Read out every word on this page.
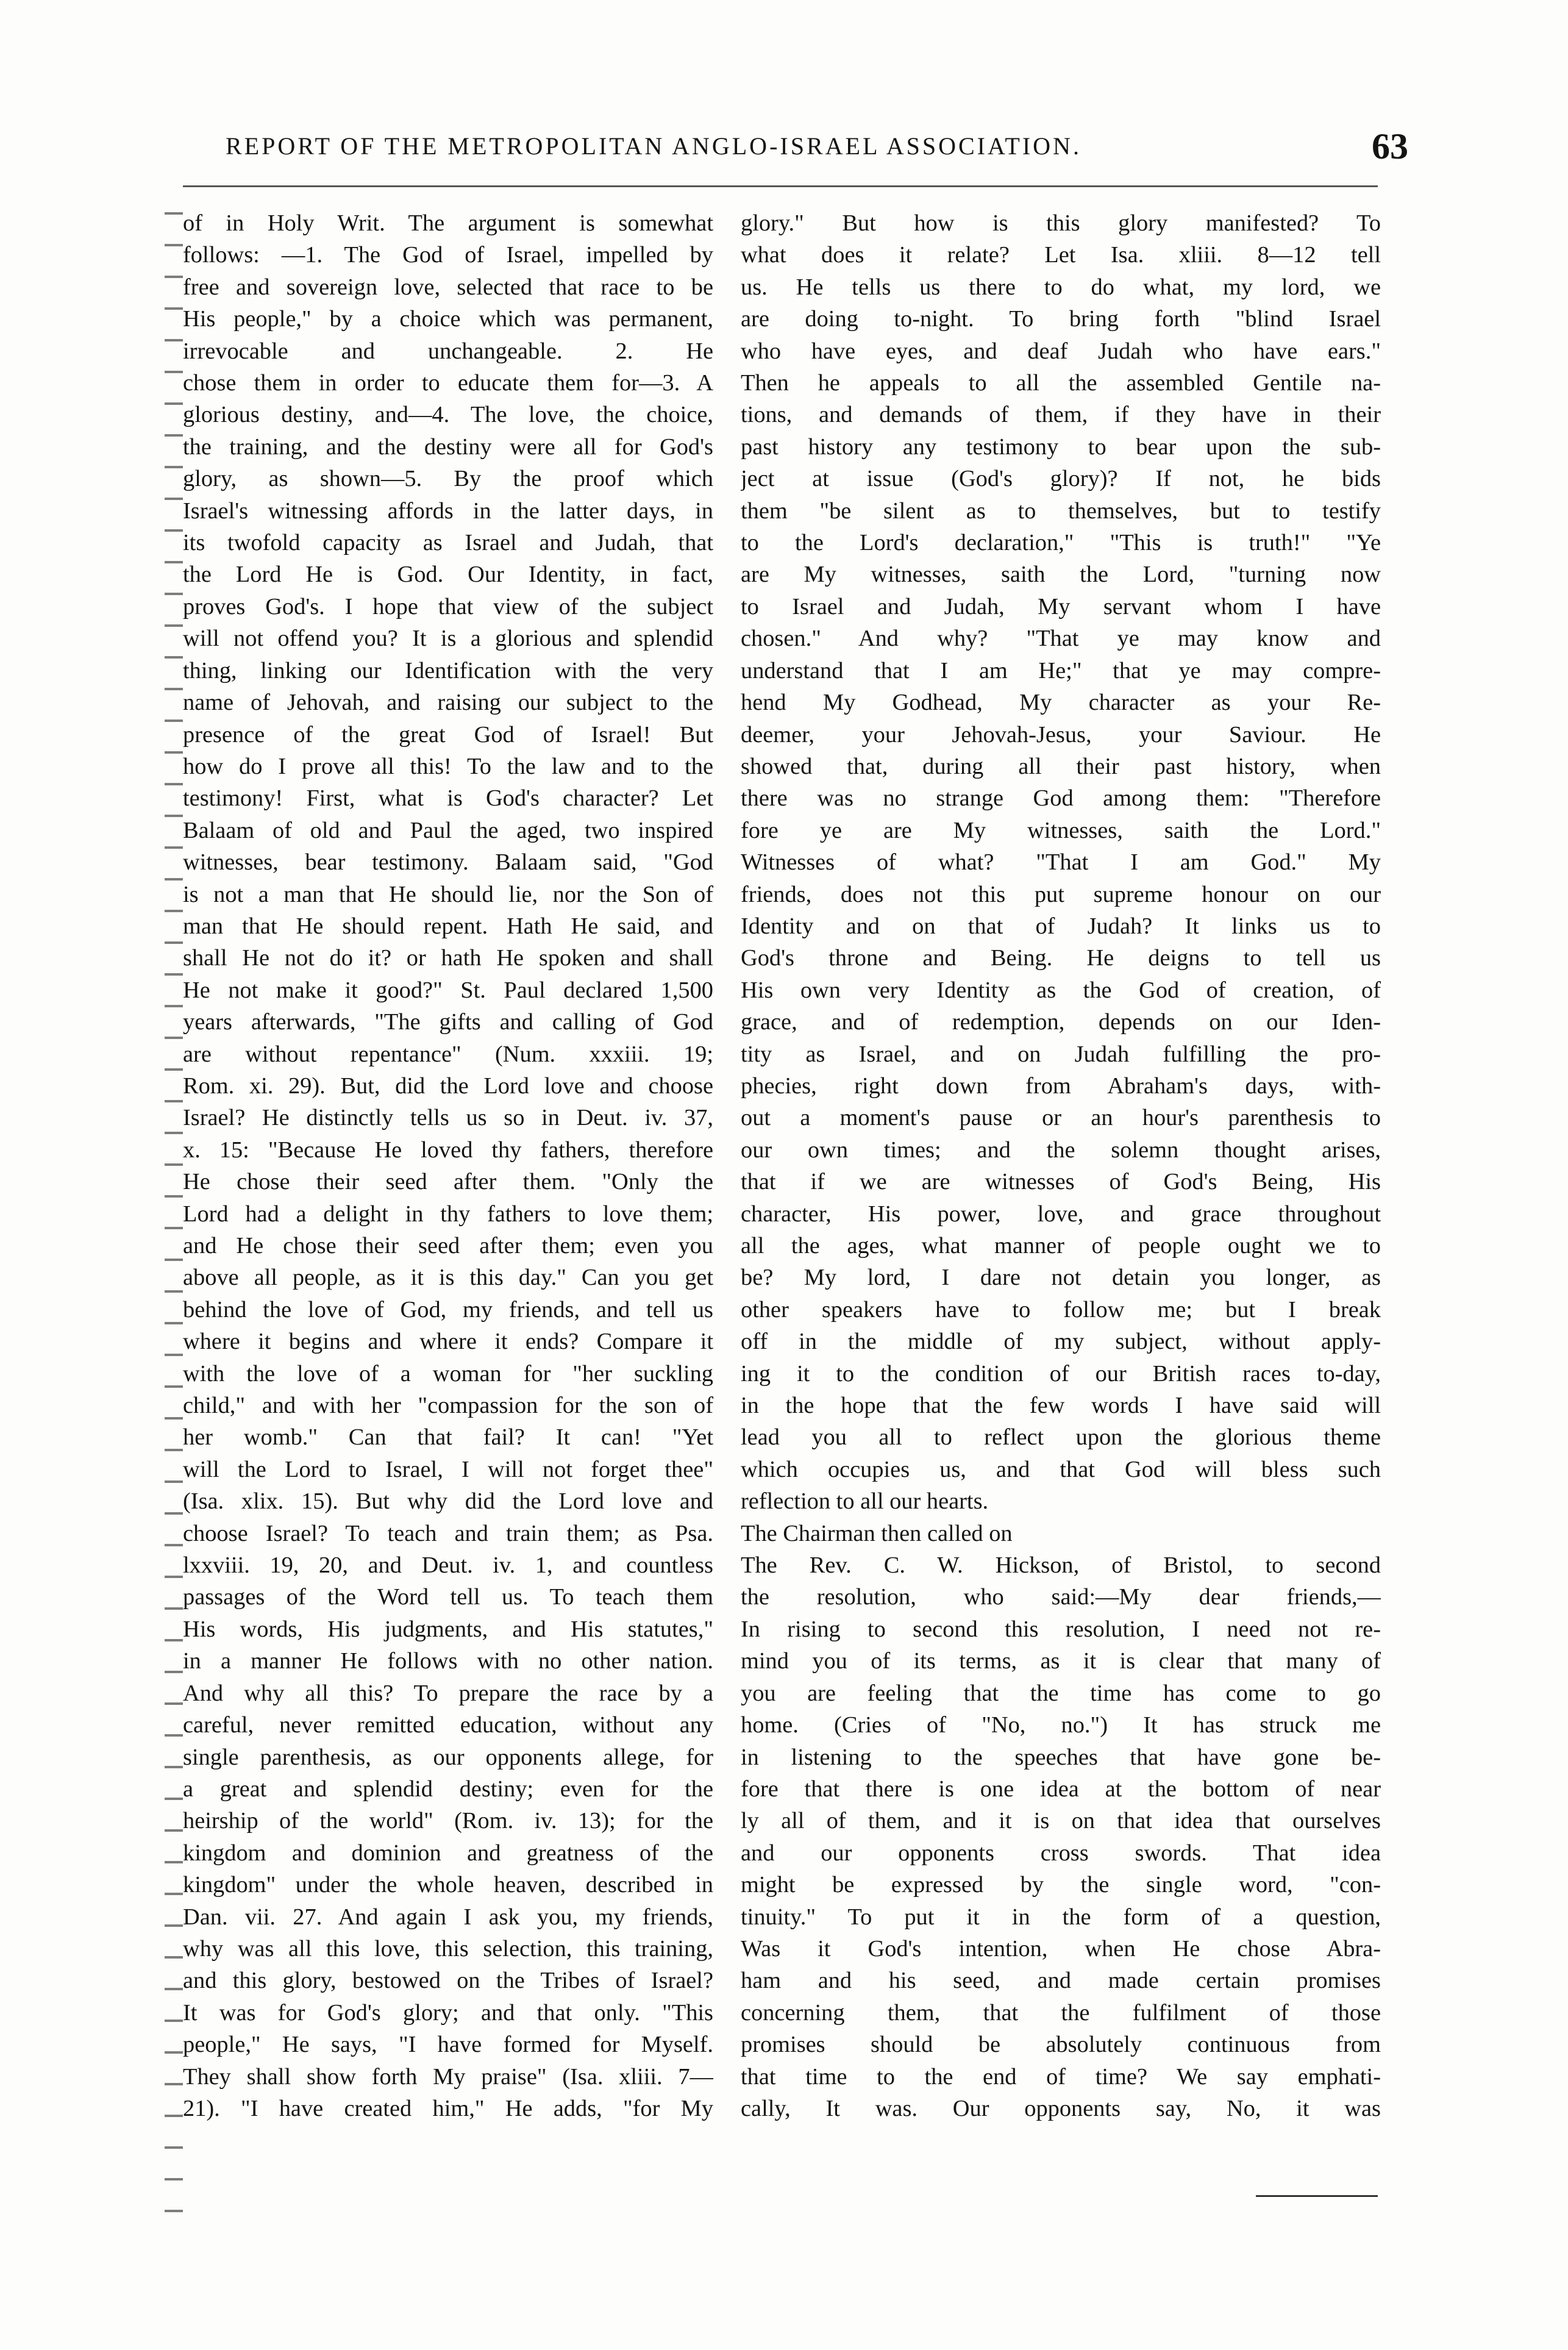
REPORT OF THE METROPOLITAN ANGLO-ISRAEL ASSOCIATION.	63

of in Holy Writ. The argument is somewhat

follows: —1. The God of Israel, impelled by

free and sovereign love, selected that race to be

His people," by a choice which was permanent,

irrevocable and unchangeable. 2. He

chose them in order to educate them for—3. A

glorious destiny, and—4. The love, the choice,

the training, and the destiny were all for God's

glory, as shown—5. By the proof which

Israel's witnessing affords in the latter days, in

its twofold capacity as Israel and Judah, that

the Lord He is God. Our Identity, in fact,

proves God's. I hope that view of the subject

will not offend you? It is a glorious and splendid

thing, linking our Identification with the very

name of Jehovah, and raising our subject to the

presence of the great God of Israel! But

how do I prove all this! To the law and to the

testimony! First, what is God's character? Let

Balaam of old and Paul the aged, two inspired

witnesses, bear testimony. Balaam said, "God

is not a man that He should lie, nor the Son of

man that He should repent. Hath He said, and

shall He not do it? or hath He spoken and shall

He not make it good?" St. Paul declared 1,500

years afterwards, "The gifts and calling of God

are without repentance" (Num. xxxiii. 19;

Rom. xi. 29). But, did the Lord love and choose

Israel? He distinctly tells us so in Deut. iv. 37,

x. 15: "Because He loved thy fathers, therefore

He chose their seed after them. "Only the

Lord had a delight in thy fathers to love them;

and He chose their seed after them; even you

above all people, as it is this day." Can you get

behind the love of God, my friends, and tell us

where it begins and where it ends? Compare it

with the love of a woman for "her suckling

child," and with her "compassion for the son of

her womb." Can that fail? It can! "Yet

will the Lord to Israel, I will not forget thee"

(Isa. xlix. 15). But why did the Lord love and

choose Israel? To teach and train them; as Psa.

lxxviii. 19, 20, and Deut. iv. 1, and countless

passages of the Word tell us. To teach them

His words, His judgments, and His statutes,"

in a manner He follows with no other nation.

And why all this? To prepare the race by a

careful, never remitted education, without any

single parenthesis, as our opponents allege, for

a great and splendid destiny; even for the

heirship of the world" (Rom. iv. 13); for the

kingdom and dominion and greatness of the

kingdom" under the whole heaven, described in

Dan. vii. 27. And again I ask you, my friends,

why was all this love, this selection, this training,

and this glory, bestowed on the Tribes of Israel?

It was for God's glory; and that only. "This

people," He says, "I have formed for Myself.

They shall show forth My praise" (Isa. xliii. 7—

21). "I have created him," He adds, "for My

glory." But how is this glory manifested? To

what does it relate? Let Isa. xliii. 8—12 tell

us. He tells us there to do what, my lord, we

are doing to-night. To bring forth "blind Israel

who have eyes, and deaf Judah who have ears."

Then he appeals to all the assembled Gentile na-

tions, and demands of them, if they have in their

past history any testimony to bear upon the sub-

ject at issue (God's glory)? If not, he bids

them "be silent as to themselves, but to testify

to the Lord's declaration," "This is truth!" "Ye

are My witnesses, saith the Lord, "turning now

to Israel and Judah, My servant whom I have

chosen." And why? "That ye may know and

understand that I am He;" that ye may compre-

hend My Godhead, My character as your Re-

deemer, your Jehovah-Jesus, your Saviour. He

showed that, during all their past history, when

there was no strange God among them: "Therefore

fore ye are My witnesses, saith the Lord."

Witnesses of what? "That I am God." My

friends, does not this put supreme honour on our

Identity and on that of Judah? It links us to

God's throne and Being. He deigns to tell us

His own very Identity as the God of creation, of

grace, and of redemption, depends on our Iden-

tity as Israel, and on Judah fulfilling the pro-

phecies, right down from Abraham's days, with-

out a moment's pause or an hour's parenthesis to

our own times; and the solemn thought arises,

that if we are witnesses of God's Being, His

character, His power, love, and grace throughout

all the ages, what manner of people ought we to

be? My lord, I dare not detain you longer, as

other speakers have to follow me; but I break

off in the middle of my subject, without apply-

ing it to the condition of our British races to-day,

in the hope that the few words I have said will

lead you all to reflect upon the glorious theme

which occupies us, and that God will bless such

reflection to all our hearts.

The Chairman then called on

The Rev. C. W. Hickson, of Bristol, to second

the resolution, who said:—My dear friends,—

In rising to second this resolution, I need not re-

mind you of its terms, as it is clear that many of

you are feeling that the time has come to go

home. (Cries of "No, no.") It has struck me

in listening to the speeches that have gone be-

fore that there is one idea at the bottom of near

ly all of them, and it is on that idea that ourselves

and our opponents cross swords. That idea

might be expressed by the single word, "con-

tinuity." To put it in the form of a question,

Was it God's intention, when He chose Abra-

ham and his seed, and made certain promises

concerning them, that the fulfilment of those

promises should be absolutely continuous from

that time to the end of time? We say emphati-

cally, It was. Our opponents say, No, it was
